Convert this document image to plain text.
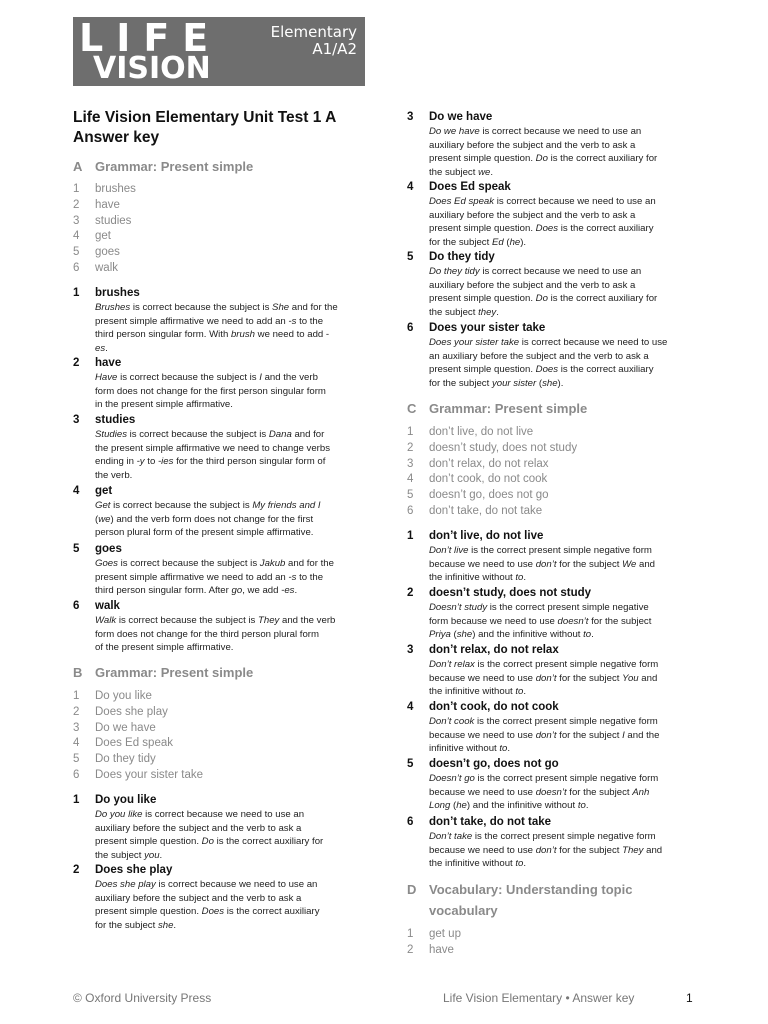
LIFE
VISION
Elementary
A1/A2
Life Vision Elementary Unit Test 1 A
Answer key
A Grammar: Present simple
1 brushes
2 have
3 studies
4 get
5 goes
6 walk
1 brushes
Brushes is correct because the subject is She and for the
present simple affirmative we need to add an -s to the
third person singular form. With brush we need to add -
es.
2 have
Have is correct because the subject is I and the verb
form does not change for the first person singular form
in the present simple affirmative.
3 studies
Studies is correct because the subject is Dana and for
the present simple affirmative we need to change verbs
ending in -y to -ies for the third person singular form of
the verb.
4 get
Get is correct because the subject is My friends and I
(we) and the verb form does not change for the first
person plural form of the present simple affirmative.
5 goes
Goes is correct because the subject is Jakub and for the
present simple affirmative we need to add an -s to the
third person singular form. After go, we add -es.
6 walk
Walk is correct because the subject is They and the verb
form does not change for the third person plural form
of the present simple affirmative.
B Grammar: Present simple
1 Do you like
2 Does she play
3 Do we have
4 Does Ed speak
5 Do they tidy
6 Does your sister take
1 Do you like
Do you like is correct because we need to use an
auxiliary before the subject and the verb to ask a
present simple question. Do is the correct auxiliary for
the subject you.
2 Does she play
Does she play is correct because we need to use an
auxiliary before the subject and the verb to ask a
present simple question. Does is the correct auxiliary
for the subject she.
3 Do we have
Do we have is correct because we need to use an
auxiliary before the subject and the verb to ask a
present simple question. Do is the correct auxiliary for
the subject we.
4 Does Ed speak
Does Ed speak is correct because we need to use an
auxiliary before the subject and the verb to ask a
present simple question. Does is the correct auxiliary
for the subject Ed (he).
5 Do they tidy
Do they tidy is correct because we need to use an
auxiliary before the subject and the verb to ask a
present simple question. Do is the correct auxiliary for
the subject they.
6 Does your sister take
Does your sister take is correct because we need to use
an auxiliary before the subject and the verb to ask a
present simple question. Does is the correct auxiliary
for the subject your sister (she).
C Grammar: Present simple
1 don’t live, do not live
2 doesn’t study, does not study
3 don’t relax, do not relax
4 don’t cook, do not cook
5 doesn’t go, does not go
6 don’t take, do not take
1 don’t live, do not live
Don’t live is the correct present simple negative form
because we need to use don’t for the subject We and
the infinitive without to.
2 doesn’t study, does not study
Doesn’t study is the correct present simple negative
form because we need to use doesn’t for the subject
Priya (she) and the infinitive without to.
3 don’t relax, do not relax
Don’t relax is the correct present simple negative form
because we need to use don’t for the subject You and
the infinitive without to.
4 don’t cook, do not cook
Don’t cook is the correct present simple negative form
because we need to use don’t for the subject I and the
infinitive without to.
5 doesn’t go, does not go
Doesn’t go is the correct present simple negative form
because we need to use doesn’t for the subject Anh
Long (he) and the infinitive without to.
6 don’t take, do not take
Don’t take is the correct present simple negative form
because we need to use don’t for the subject They and
the infinitive without to.
D Vocabulary: Understanding topic
vocabulary
1 get up
2 have
© Oxford University Press	Life Vision Elementary • Answer key	1
